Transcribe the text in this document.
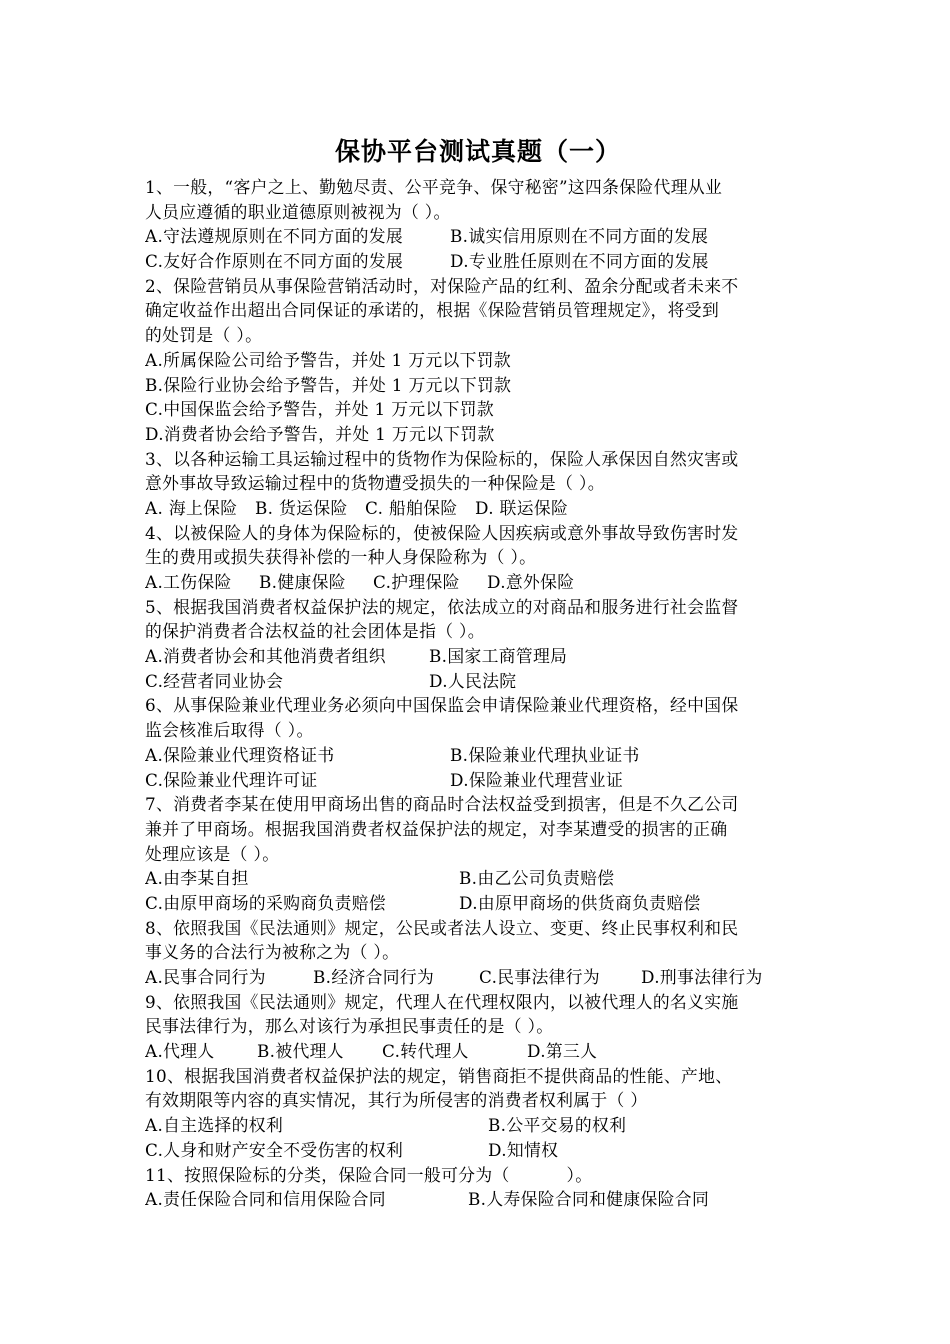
保协平台测试真题（一）
1、一般，“客户之上、勤勉尽责、公平竞争、保守秘密”这四条保险代理从业
人员应遵循的职业道德原则被视为（ ）。
A.守法遵规原则在不同方面的发展	B.诚实信用原则在不同方面的发展
C.友好合作原则在不同方面的发展	D.专业胜任原则在不同方面的发展
2、保险营销员从事保险营销活动时，对保险产品的红利、盈余分配或者未来不
确定收益作出超出合同保证的承诺的，根据《保险营销员管理规定》，将受到
的处罚是（ ）。
A.所属保险公司给予警告，并处 1 万元以下罚款
B.保险行业协会给予警告，并处 1 万元以下罚款
C.中国保监会给予警告，并处 1 万元以下罚款
D.消费者协会给予警告，并处 1 万元以下罚款
3、以各种运输工具运输过程中的货物作为保险标的，保险人承保因自然灾害或
意外事故导致运输过程中的货物遭受损失的一种保险是（ ）。
A. 海上保险 B. 货运保险 C. 船舶保险 D. 联运保险
4、以被保险人的身体为保险标的，使被保险人因疾病或意外事故导致伤害时发
生的费用或损失获得补偿的一种人身保险称为（ ）。
A.工伤保险 B.健康保险 C.护理保险 D.意外保险
5、根据我国消费者权益保护法的规定，依法成立的对商品和服务进行社会监督
的保护消费者合法权益的社会团体是指（ ）。
A.消费者协会和其他消费者组织	B.国家工商管理局
C.经营者同业协会	D.人民法院
6、从事保险兼业代理业务必须向中国保监会申请保险兼业代理资格，经中国保
监会核准后取得（ ）。
A.保险兼业代理资格证书	B.保险兼业代理执业证书
C.保险兼业代理许可证	D.保险兼业代理营业证
7、消费者李某在使用甲商场出售的商品时合法权益受到损害，但是不久乙公司
兼并了甲商场。根据我国消费者权益保护法的规定，对李某遭受的损害的正确
处理应该是（ ）。
A.由李某自担	B.由乙公司负责赔偿
C.由原甲商场的采购商负责赔偿	D.由原甲商场的供货商负责赔偿
8、依照我国《民法通则》规定，公民或者法人设立、变更、终止民事权利和民
事义务的合法行为被称之为（ ）。
A.民事合同行为	B.经济合同行为	C.民事法律行为 D.刑事法律行为
9、依照我国《民法通则》规定，代理人在代理权限内，以被代理人的名义实施
民事法律行为，那么对该行为承担民事责任的是（ ）。
A.代理人	B.被代理人 C.转代理人	D.第三人
10、根据我国消费者权益保护法的规定，销售商拒不提供商品的性能、产地、
有效期限等内容的真实情况，其行为所侵害的消费者权利属于（ ）
A.自主选择的权利	B.公平交易的权利
C.人身和财产安全不受伤害的权利	D.知情权
11、按照保险标的分类，保险合同一般可分为（          ）。
A.责任保险合同和信用保险合同	B.人寿保险合同和健康保险合同
